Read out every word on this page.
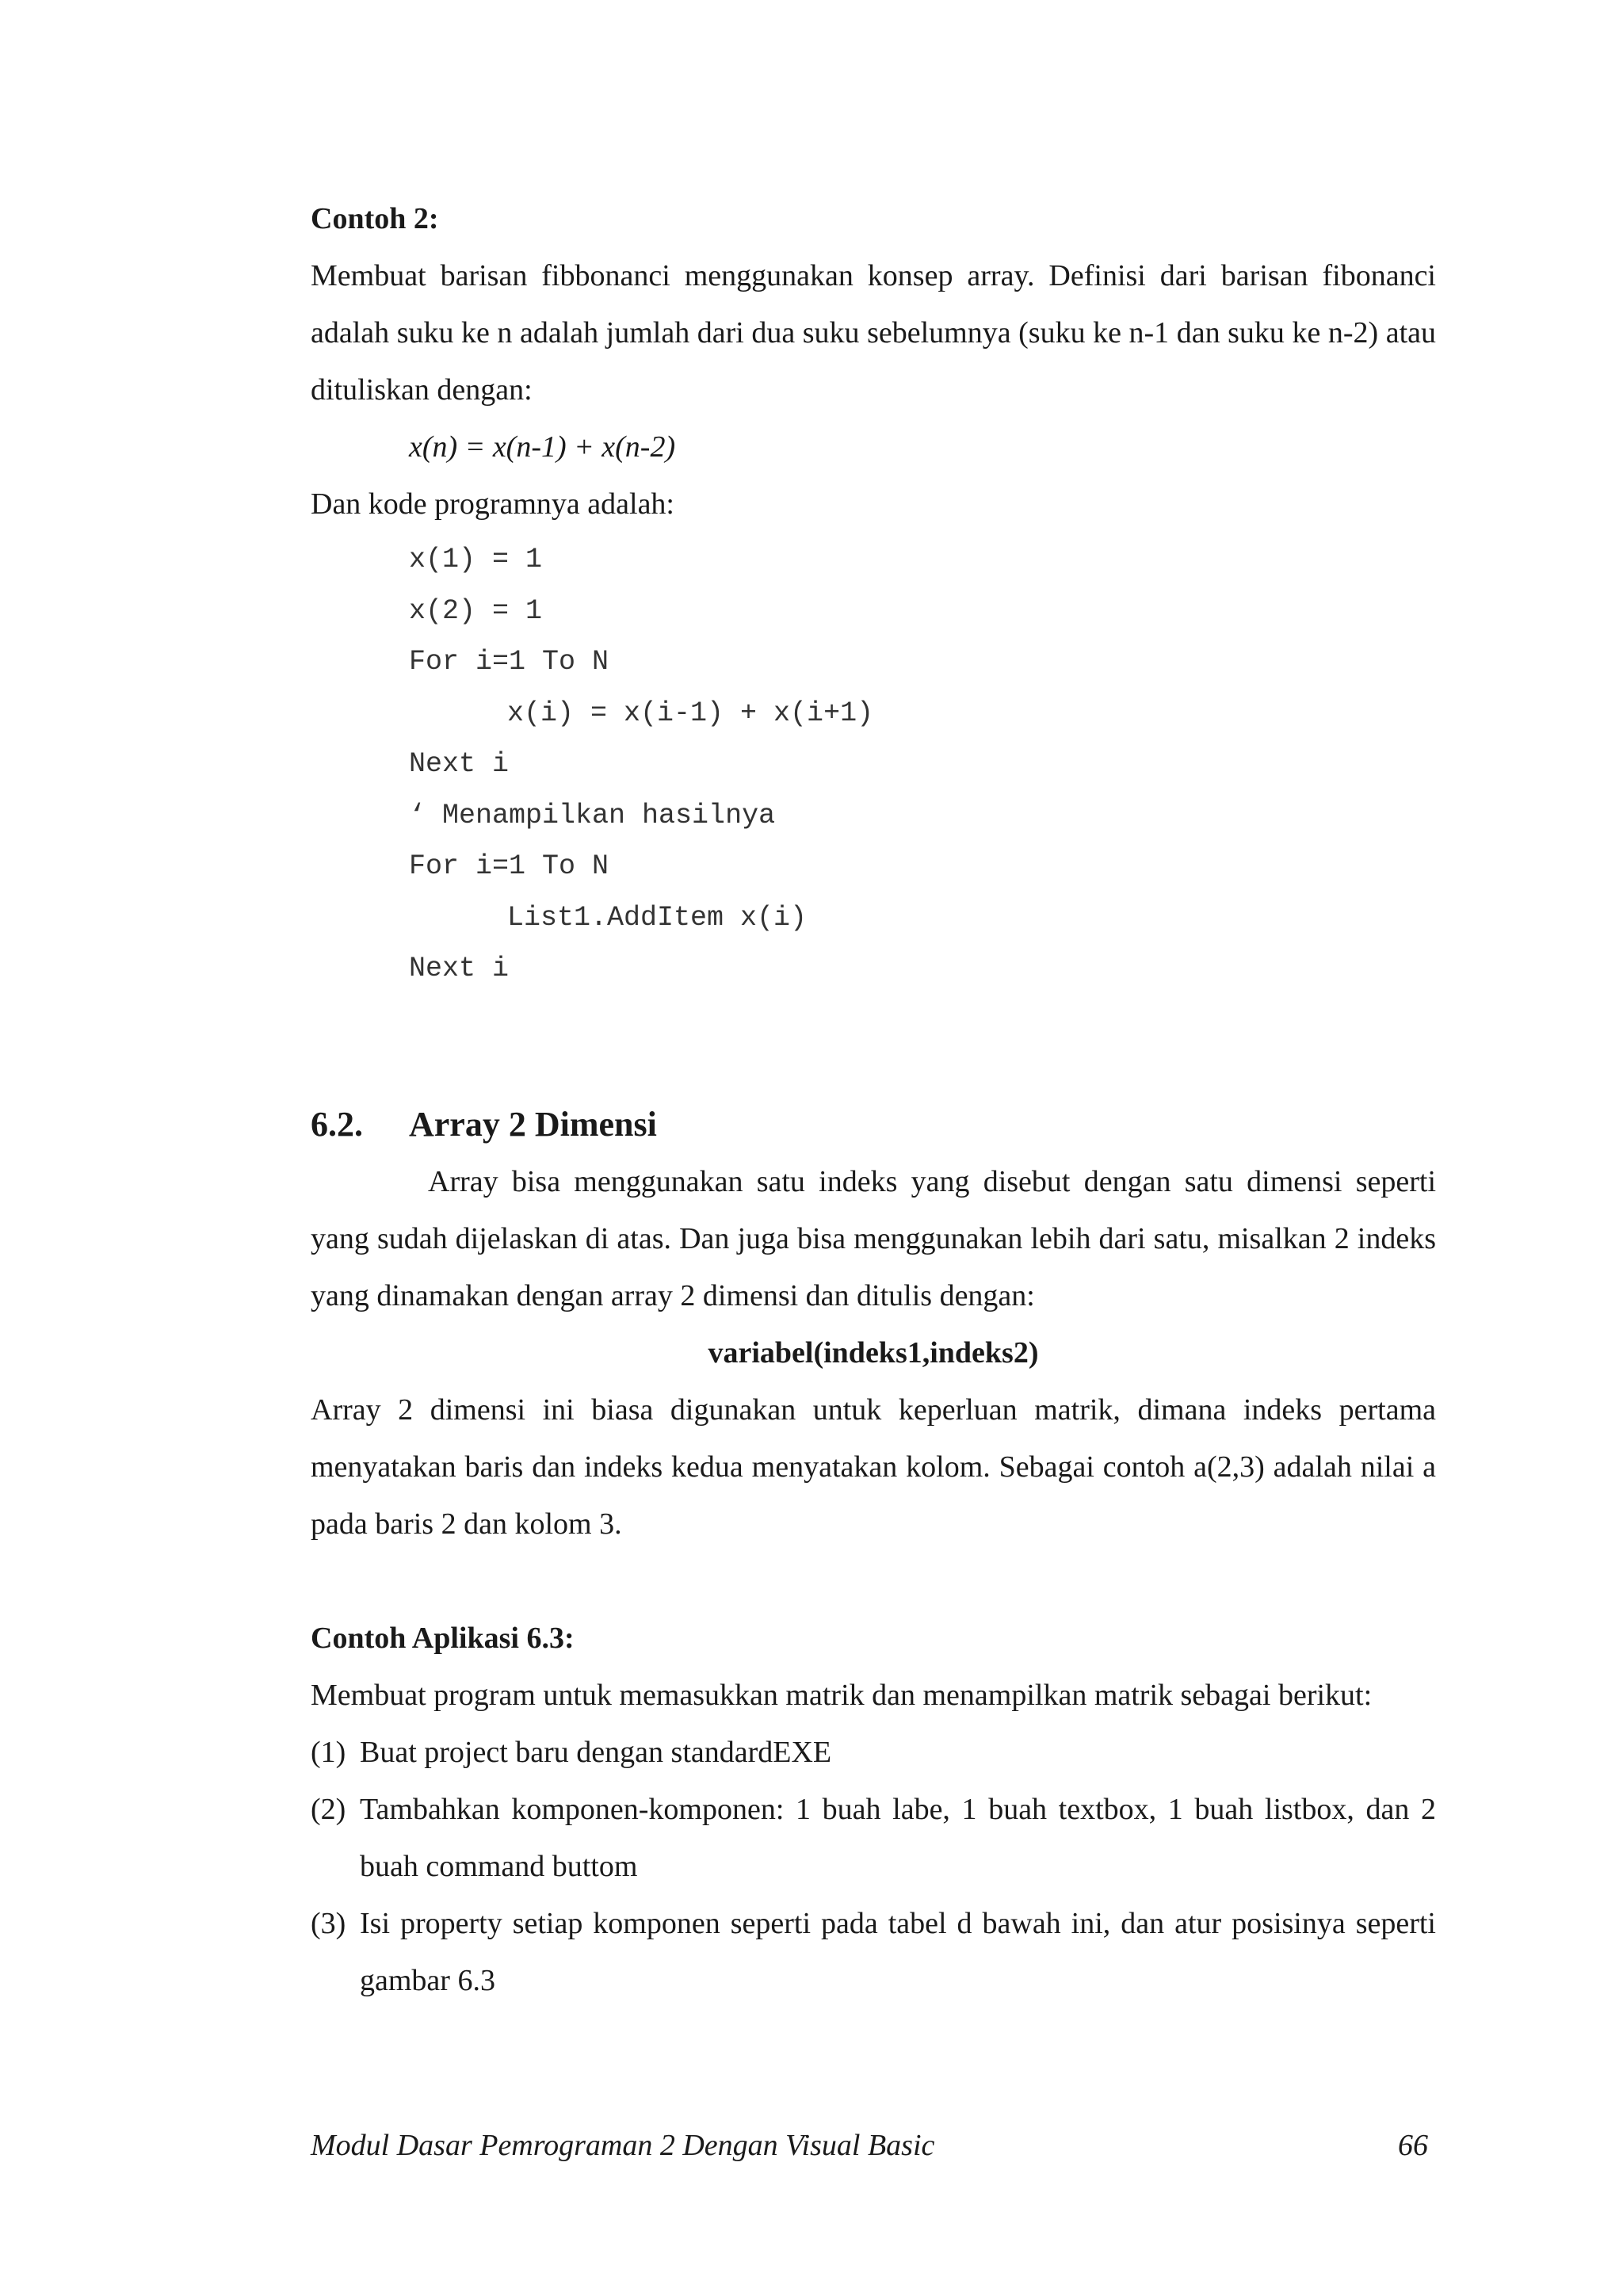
Contoh 2:

Membuat barisan fibbonanci menggunakan konsep array. Definisi dari barisan fibonanci adalah suku ke n adalah jumlah dari dua suku sebelumnya (suku ke n-1 dan suku ke n-2) atau dituliskan dengan:

x(n) = x(n-1) + x(n-2)

Dan kode programnya adalah:

x(1) = 1
x(2) = 1
For i=1 To N
x(i) = x(i-1) + x(i+1)
Next i
‘ Menampilkan hasilnya
For i=1 To N
List1.AddItem x(i)
Next i
6.2.	Array 2 Dimensi

Array bisa menggunakan satu indeks yang disebut dengan satu dimensi seperti yang sudah dijelaskan di atas. Dan juga bisa menggunakan lebih dari satu, misalkan 2 indeks yang dinamakan dengan array 2 dimensi dan ditulis dengan:

variabel(indeks1,indeks2)

Array 2 dimensi ini biasa digunakan untuk keperluan matrik, dimana indeks pertama menyatakan baris dan indeks kedua menyatakan kolom. Sebagai contoh a(2,3) adalah nilai a pada baris 2 dan kolom 3.

Contoh Aplikasi 6.3:

Membuat program untuk memasukkan matrik dan menampilkan matrik sebagai berikut:

(1) Buat project baru dengan standardEXE
(2) Tambahkan komponen-komponen: 1 buah labe, 1 buah textbox, 1 buah listbox, dan 2 buah command buttom
(3) Isi property setiap komponen seperti pada tabel d bawah ini, dan atur posisinya seperti gambar 6.3
Modul Dasar Pemrograman 2 Dengan Visual Basic	66
